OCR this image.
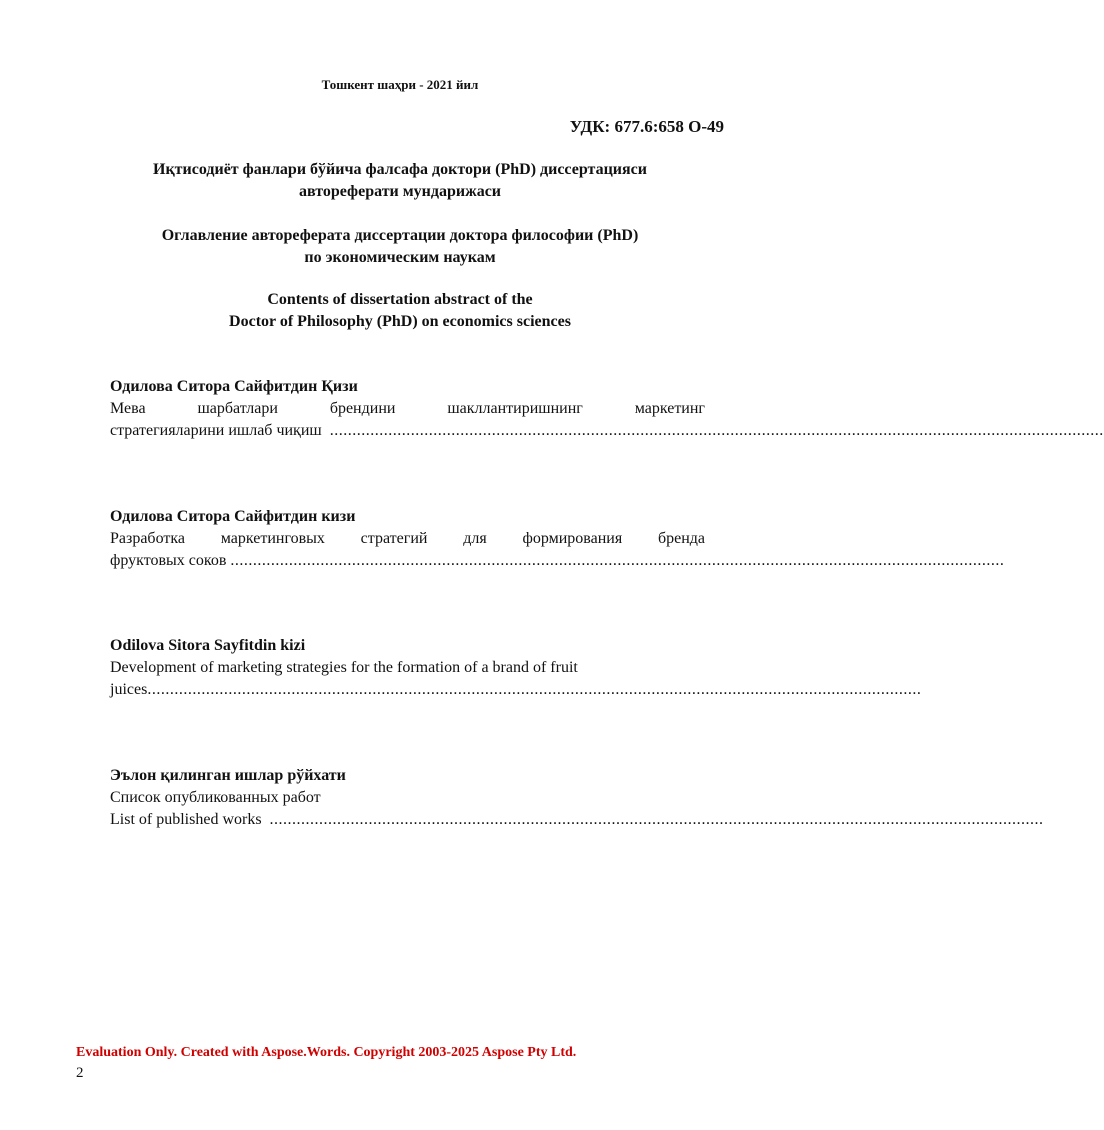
Тошкент шаҳри - 2021 йил
УДК: 677.6:658 О-49
Иқтисодиёт фанлари бўйича фалсафа доктори (PhD) диссертацияси
автореферати мундарижаси
Оглавление автореферата диссертации доктора философии (PhD)
по экономическим наукам
Contents of dissertation abstract of the
Doctor of Philosophy (PhD) on economics sciences
Одилова Ситора Сайфитдин Қизи
Мева шарбатлари брендини шакллантиришнинг маркетинг
стратегияларини ишлаб чиқиш
............................................................................................................................................................................
Одилова Ситора Сайфитдин кизи
Разработка маркетинговых стратегий для формирования бренда
фруктовых соков
............................................................................................................................................................................
Odilova Sitora Sayfitdin kizi
Development of marketing strategies for the formation of a brand of fruit
juices ............................................................................................................................................................................
Эълон қилинган ишлар рўйхати
Список опубликованных работ
List of published works
............................................................................................................................................................................
Evaluation Only. Created with Aspose.Words. Copyright 2003-2025 Aspose Pty Ltd.
2
